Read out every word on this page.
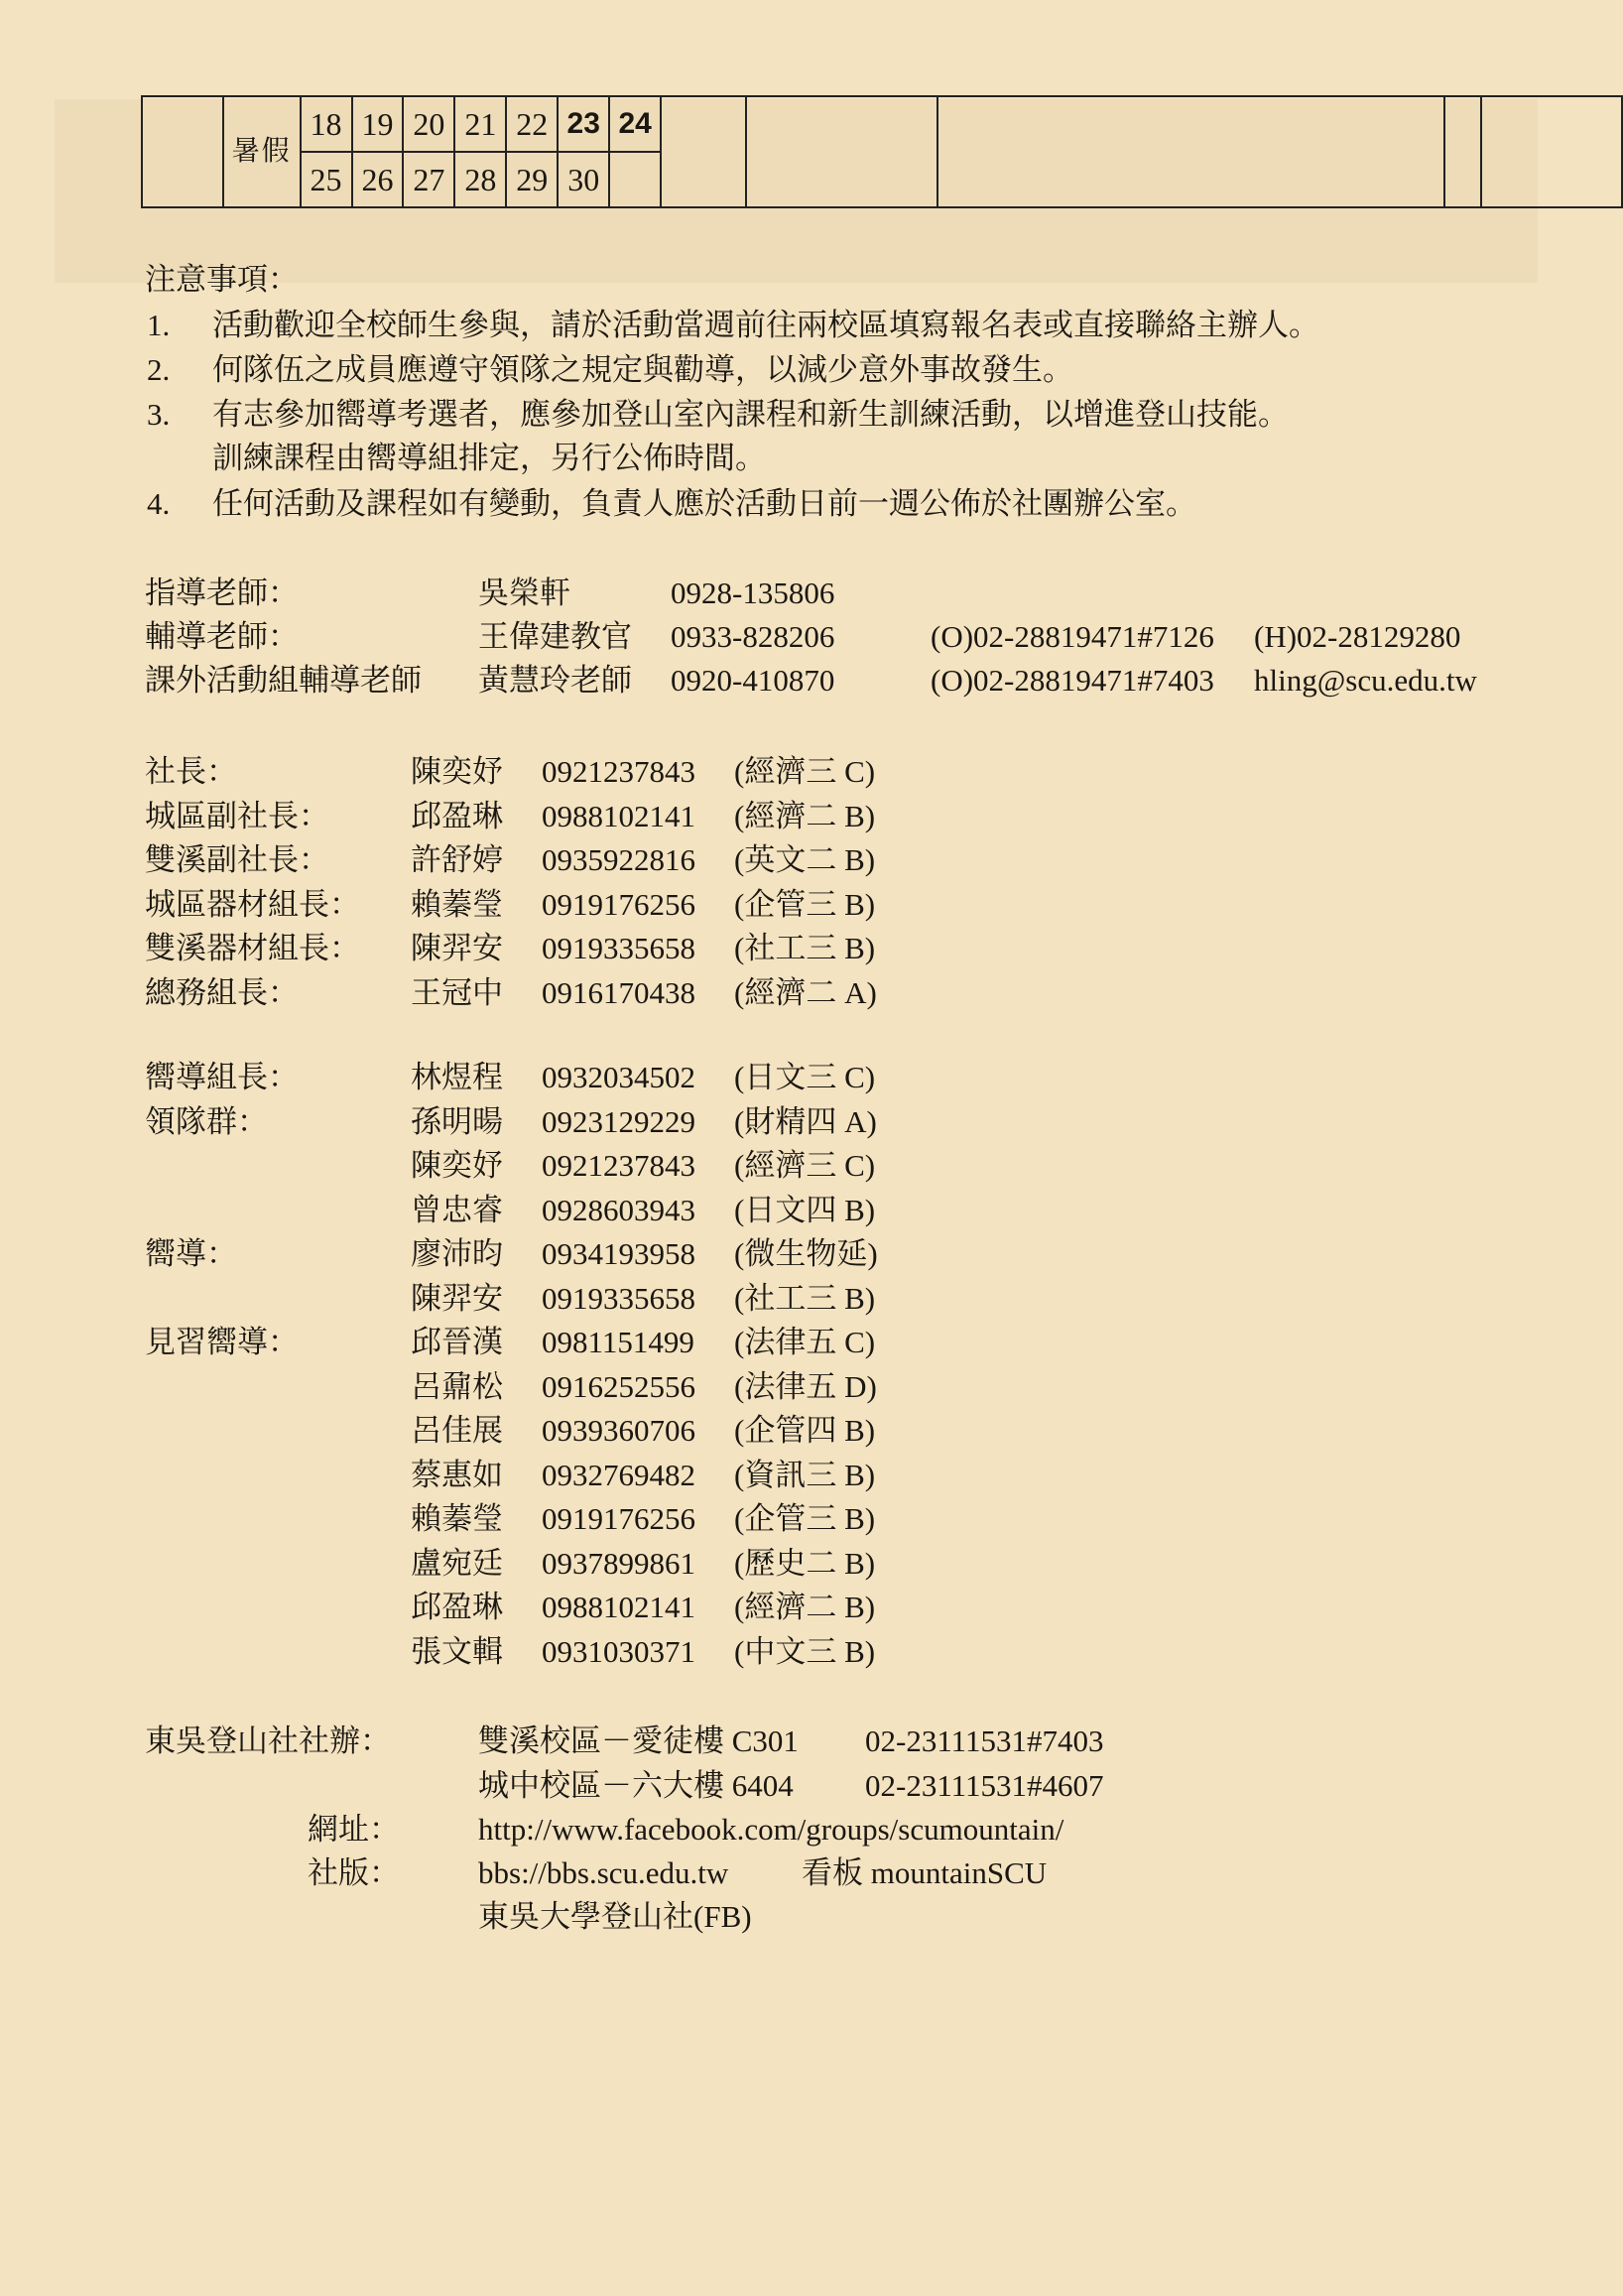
	暑假	18	19	20	21	22	23	24					
		25	26	27	28	29	30						
注意事項：
1. 活動歡迎全校師生參與，請於活動當週前往兩校區填寫報名表或直接聯絡主辦人。
2. 何隊伍之成員應遵守領隊之規定與勸導，以減少意外事故發生。
3. 有志參加嚮導考選者，應參加登山室內課程和新生訓練活動，以增進登山技能。
訓練課程由嚮導組排定，另行公佈時間。
4. 任何活動及課程如有變動，負責人應於活動日前一週公佈於社團辦公室。
指導老師：	吳榮軒	0928-135806
輔導老師：	王偉建教官 0933-828206	(O)02-28819471#7126 (H)02-28129280
課外活動組輔導老師 黃慧玲老師 0920-410870	(O)02-28819471#7403 hling@scu.edu.tw
社長：	陳奕妤 0921237843 (經濟三 C)
城區副社長：	邱盈琳 0988102141 (經濟二 B)
雙溪副社長：	許舒婷 0935922816 (英文二 B)
城區器材組長： 賴蓁瑩 0919176256 (企管三 B)
雙溪器材組長： 陳羿安 0919335658 (社工三 B)
總務組長：	王冠中 0916170438 (經濟二 A)
嚮導組長：	林煜程 0932034502 (日文三 C)
領隊群：	孫明暘 0923129229 (財精四 A)
陳奕妤 0921237843 (經濟三 C)
曾忠睿 0928603943 (日文四 B)
嚮導：	廖沛昀 0934193958 (微生物延)
陳羿安 0919335658 (社工三 B)
見習嚮導：	邱晉漢 0981151499 (法律五 C)
呂鼐松 0916252556 (法律五 D)
呂佳展 0939360706 (企管四 B)
蔡惠如 0932769482 (資訊三 B)
賴蓁瑩 0919176256 (企管三 B)
盧宛廷 0937899861 (歷史二 B)
邱盈琳 0988102141 (經濟二 B)
張文輯 0931030371 (中文三 B)
東吳登山社社辦：	雙溪校區－愛徒樓 C301 02-23111531#7403
城中校區－六大樓 6404 02-23111531#4607
網址：	http://www.facebook.com/groups/scumountain/
社版：	bbs://bbs.scu.edu.tw 看板 mountainSCU
東吳大學登山社(FB)
